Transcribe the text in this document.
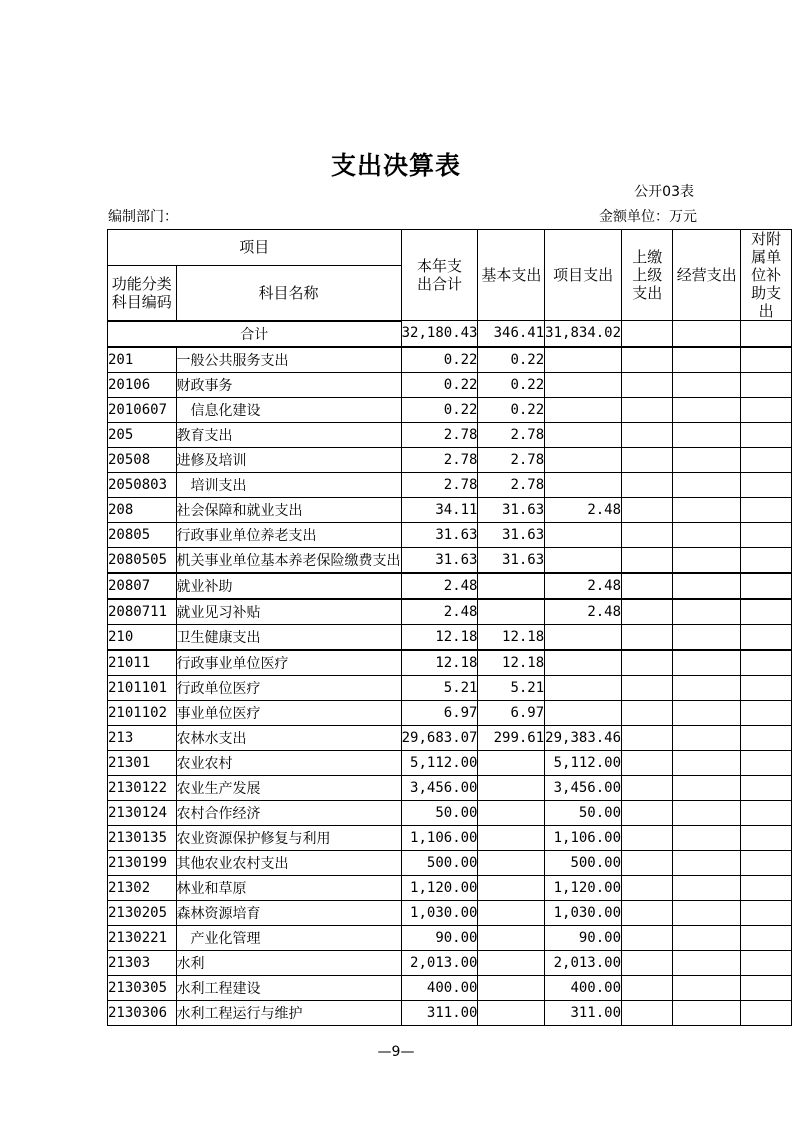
支出决算表
公开03表
编制部门：	金额单位：万元
项目		本年支出合计	基本支出	项目支出	上缴上级支出	经营支出	对附属单位补助支出
功能分类科目编码	科目名称						
合计		32,180.43	346.41	31,834.02			
201	一般公共服务支出	0.22	0.22				
20106	财政事务	0.22	0.22				
2010607	信息化建设	0.22	0.22				
205	教育支出	2.78	2.78				
20508	进修及培训	2.78	2.78				
2050803	培训支出	2.78	2.78				
208	社会保障和就业支出	34.11	31.63	2.48			
20805	行政事业单位养老支出	31.63	31.63				
2080505	机关事业单位基本养老保险缴费支出	31.63	31.63				
20807	就业补助	2.48		2.48			
2080711	就业见习补贴	2.48		2.48			
210	卫生健康支出	12.18	12.18				
21011	行政事业单位医疗	12.18	12.18				
2101101	行政单位医疗	5.21	5.21				
2101102	事业单位医疗	6.97	6.97				
213	农林水支出	29,683.07	299.61	29,383.46			
21301	农业农村	5,112.00		5,112.00			
2130122	农业生产发展	3,456.00		3,456.00			
2130124	农村合作经济	50.00		50.00			
2130135	农业资源保护修复与利用	1,106.00		1,106.00			
2130199	其他农业农村支出	500.00		500.00			
21302	林业和草原	1,120.00		1,120.00			
2130205	森林资源培育	1,030.00		1,030.00			
2130221	产业化管理	90.00		90.00			
21303	水利	2,013.00		2,013.00			
2130305	水利工程建设	400.00		400.00			
2130306	水利工程运行与维护	311.00		311.00			
—9—
